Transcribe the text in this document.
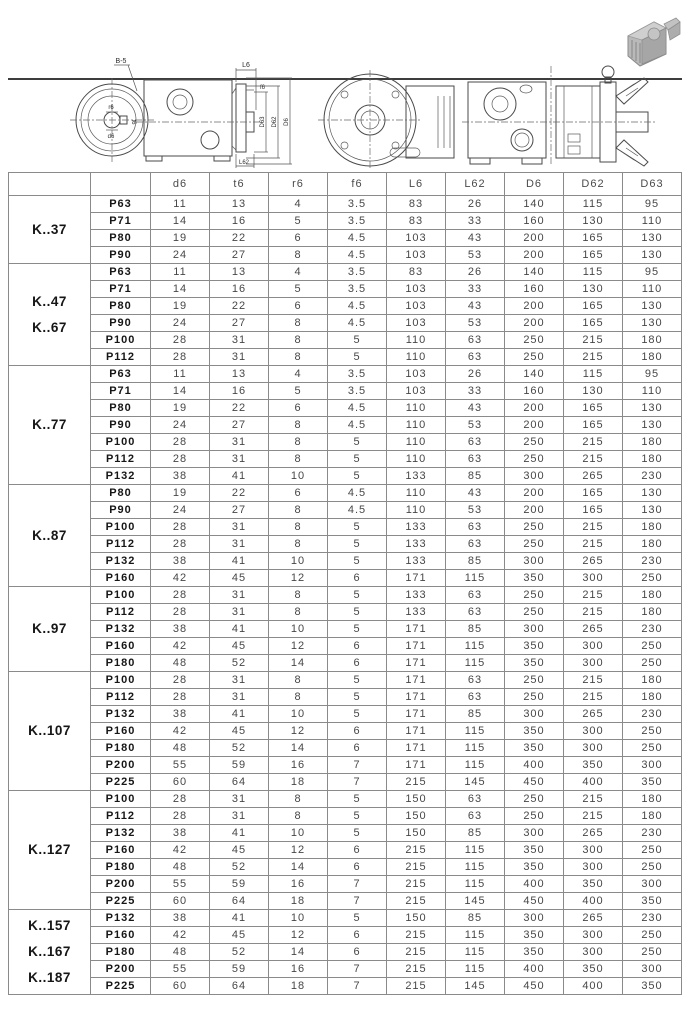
r6
t6
d6
B-5
L6
f6
D63 D62 D6
L62
		d6	t6	r6	f6	L6	L62	D6	D62	D63

K..37	P63	11	13	4	3.5	83	26	140	115	95
	P71	14	16	5	3.5	83	33	160	130	110
	P80	19	22	6	4.5	103	43	200	165	130
	P90	24	27	8	4.5	103	53	200	165	130

K..47
K..67	P63	11	13	4	3.5	83	26	140	115	95
	P71	14	16	5	3.5	103	33	160	130	110
	P80	19	22	6	4.5	103	43	200	165	130
	P90	24	27	8	4.5	103	53	200	165	130
	P100	28	31	8	5	110	63	250	215	180
	P112	28	31	8	5	110	63	250	215	180

K..77	P63	11	13	4	3.5	103	26	140	115	95
	P71	14	16	5	3.5	103	33	160	130	110
	P80	19	22	6	4.5	110	43	200	165	130
	P90	24	27	8	4.5	110	53	200	165	130
	P100	28	31	8	5	110	63	250	215	180
	P112	28	31	8	5	110	63	250	215	180
	P132	38	41	10	5	133	85	300	265	230

K..87	P80	19	22	6	4.5	110	43	200	165	130
	P90	24	27	8	4.5	110	53	200	165	130
	P100	28	31	8	5	133	63	250	215	180
	P112	28	31	8	5	133	63	250	215	180
	P132	38	41	10	5	133	85	300	265	230
	P160	42	45	12	6	171	115	350	300	250

K..97	P100	28	31	8	5	133	63	250	215	180
	P112	28	31	8	5	133	63	250	215	180
	P132	38	41	10	5	171	85	300	265	230
	P160	42	45	12	6	171	115	350	300	250
	P180	48	52	14	6	171	115	350	300	250

K..107	P100	28	31	8	5	171	63	250	215	180
	P112	28	31	8	5	171	63	250	215	180
	P132	38	41	10	5	171	85	300	265	230
	P160	42	45	12	6	171	115	350	300	250
	P180	48	52	14	6	171	115	350	300	250
	P200	55	59	16	7	171	115	400	350	300
	P225	60	64	18	7	215	145	450	400	350

K..127	P100	28	31	8	5	150	63	250	215	180
	P112	28	31	8	5	150	63	250	215	180
	P132	38	41	10	5	150	85	300	265	230
	P160	42	45	12	6	215	115	350	300	250
	P180	48	52	14	6	215	115	350	300	250
	P200	55	59	16	7	215	115	400	350	300
	P225	60	64	18	7	215	145	450	400	350

K..157
K..167
K..187	P132	38	41	10	5	150	85	300	265	230
	P160	42	45	12	6	215	115	350	300	250
	P180	48	52	14	6	215	115	350	300	250
	P200	55	59	16	7	215	115	400	350	300
	P225	60	64	18	7	215	145	450	400	350
